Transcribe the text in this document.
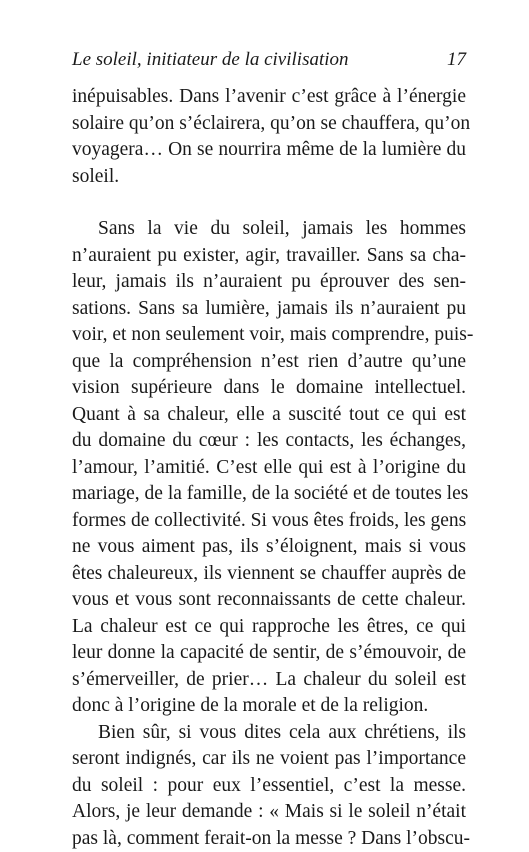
Le soleil, initiateur de la civilisation	17
inépuisables. Dans l’avenir c’est grâce à l’énergie
solaire qu’on s’éclairera, qu’on se chauffera, qu’on
voyagera… On se nourrira même de la lumière du
soleil.
Sans la vie du soleil, jamais les hommes
n’auraient pu exister, agir, travailler. Sans sa cha-
leur, jamais ils n’auraient pu éprouver des sen-
sations. Sans sa lumière, jamais ils n’auraient pu
voir, et non seulement voir, mais comprendre, puis-
que la compréhension n’est rien d’autre qu’une
vision supérieure dans le domaine intellectuel.
Quant à sa chaleur, elle a suscité tout ce qui est
du domaine du cœur : les contacts, les échanges,
l’amour, l’amitié. C’est elle qui est à l’origine du
mariage, de la famille, de la société et de toutes les
formes de collectivité. Si vous êtes froids, les gens
ne vous aiment pas, ils s’éloignent, mais si vous
êtes chaleureux, ils viennent se chauffer auprès de
vous et vous sont reconnaissants de cette chaleur.
La chaleur est ce qui rapproche les êtres, ce qui
leur donne la capacité de sentir, de s’émouvoir, de
s’émerveiller, de prier… La chaleur du soleil est
donc à l’origine de la morale et de la religion.
Bien sûr, si vous dites cela aux chrétiens, ils
seront indignés, car ils ne voient pas l’importance
du soleil : pour eux l’essentiel, c’est la messe.
Alors, je leur demande : « Mais si le soleil n’était
pas là, comment ferait-on la messe ? Dans l’obscu-
